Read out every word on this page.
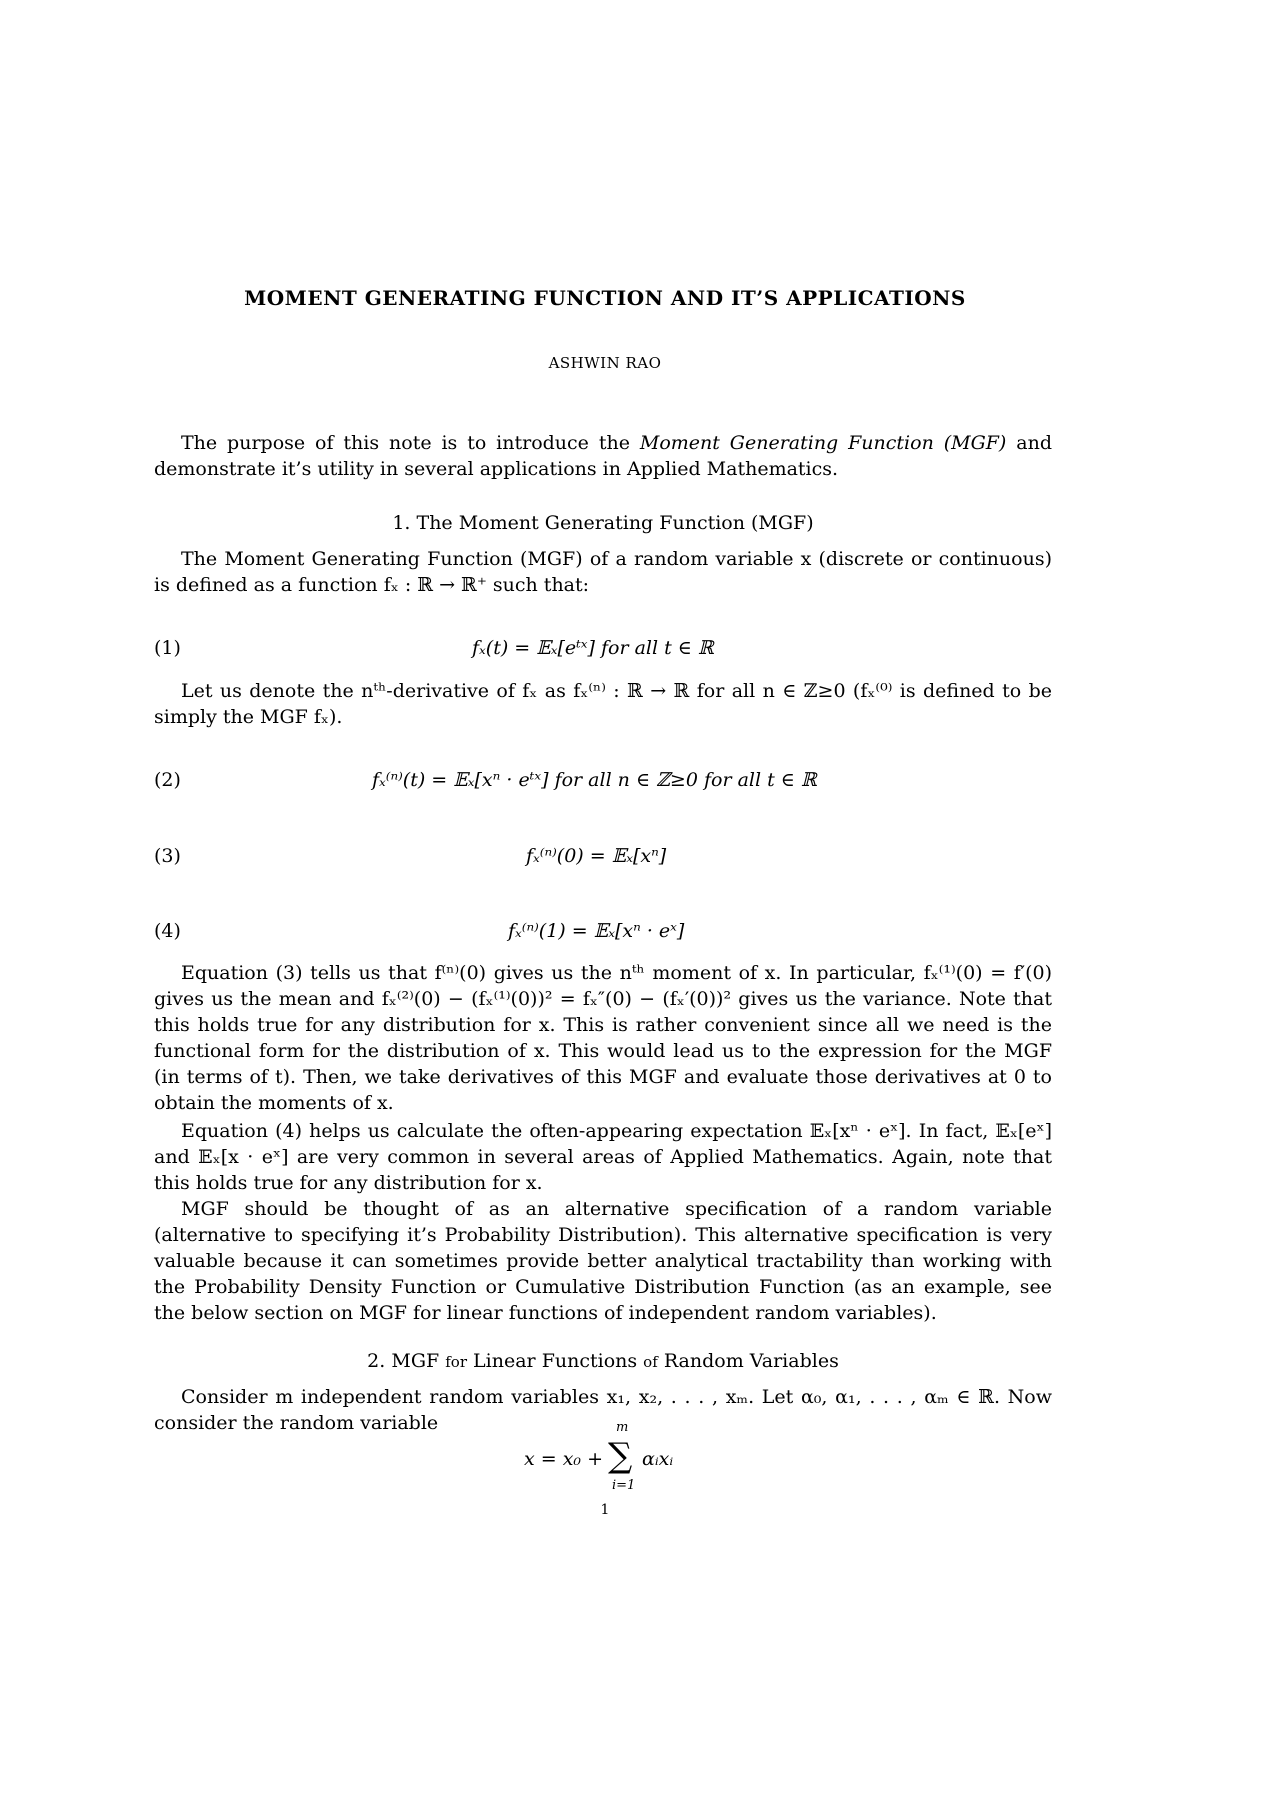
MOMENT GENERATING FUNCTION AND IT’S APPLICATIONS
ASHWIN RAO
The purpose of this note is to introduce the Moment Generating Function (MGF) and demonstrate it’s utility in several applications in Applied Mathematics.
1. The Moment Generating Function (MGF)
The Moment Generating Function (MGF) of a random variable x (discrete or continuous) is defined as a function fₓ : ℝ → ℝ⁺ such that:
(1)	fₓ(t) = 𝔼ₓ[eᵗˣ] for all t ∈ ℝ
Let us denote the nᵗʰ-derivative of fₓ as fₓ⁽ⁿ⁾ : ℝ → ℝ for all n ∈ ℤ≥0 (fₓ⁽⁰⁾ is defined to be simply the MGF fₓ).
(2)	fₓ⁽ⁿ⁾(t) = 𝔼ₓ[xⁿ · eᵗˣ] for all n ∈ ℤ≥0 for all t ∈ ℝ
(3)	fₓ⁽ⁿ⁾(0) = 𝔼ₓ[xⁿ]
(4)	fₓ⁽ⁿ⁾(1) = 𝔼ₓ[xⁿ · eˣ]
Equation (3) tells us that f⁽ⁿ⁾(0) gives us the nᵗʰ moment of x. In particular, fₓ⁽¹⁾(0) = f′(0) gives us the mean and fₓ⁽²⁾(0) − (fₓ⁽¹⁾(0))² = fₓ″(0) − (fₓ′(0))² gives us the variance. Note that this holds true for any distribution for x. This is rather convenient since all we need is the functional form for the distribution of x. This would lead us to the expression for the MGF (in terms of t). Then, we take derivatives of this MGF and evaluate those derivatives at 0 to obtain the moments of x.
Equation (4) helps us calculate the often-appearing expectation 𝔼ₓ[xⁿ · eˣ]. In fact, 𝔼ₓ[eˣ] and 𝔼ₓ[x · eˣ] are very common in several areas of Applied Mathematics. Again, note that this holds true for any distribution for x.
MGF should be thought of as an alternative specification of a random variable (alternative to specifying it’s Probability Distribution). This alternative specification is very valuable because it can sometimes provide better analytical tractability than working with the Probability Density Function or Cumulative Distribution Function (as an example, see the below section on MGF for linear functions of independent random variables).
2. MGF for Linear Functions of Random Variables
Consider m independent random variables x₁, x₂, . . . , xₘ. Let α₀, α₁, . . . , αₘ ∈ ℝ. Now consider the random variable
x = x₀ +
m
∑
i=1
αᵢxᵢ
1
